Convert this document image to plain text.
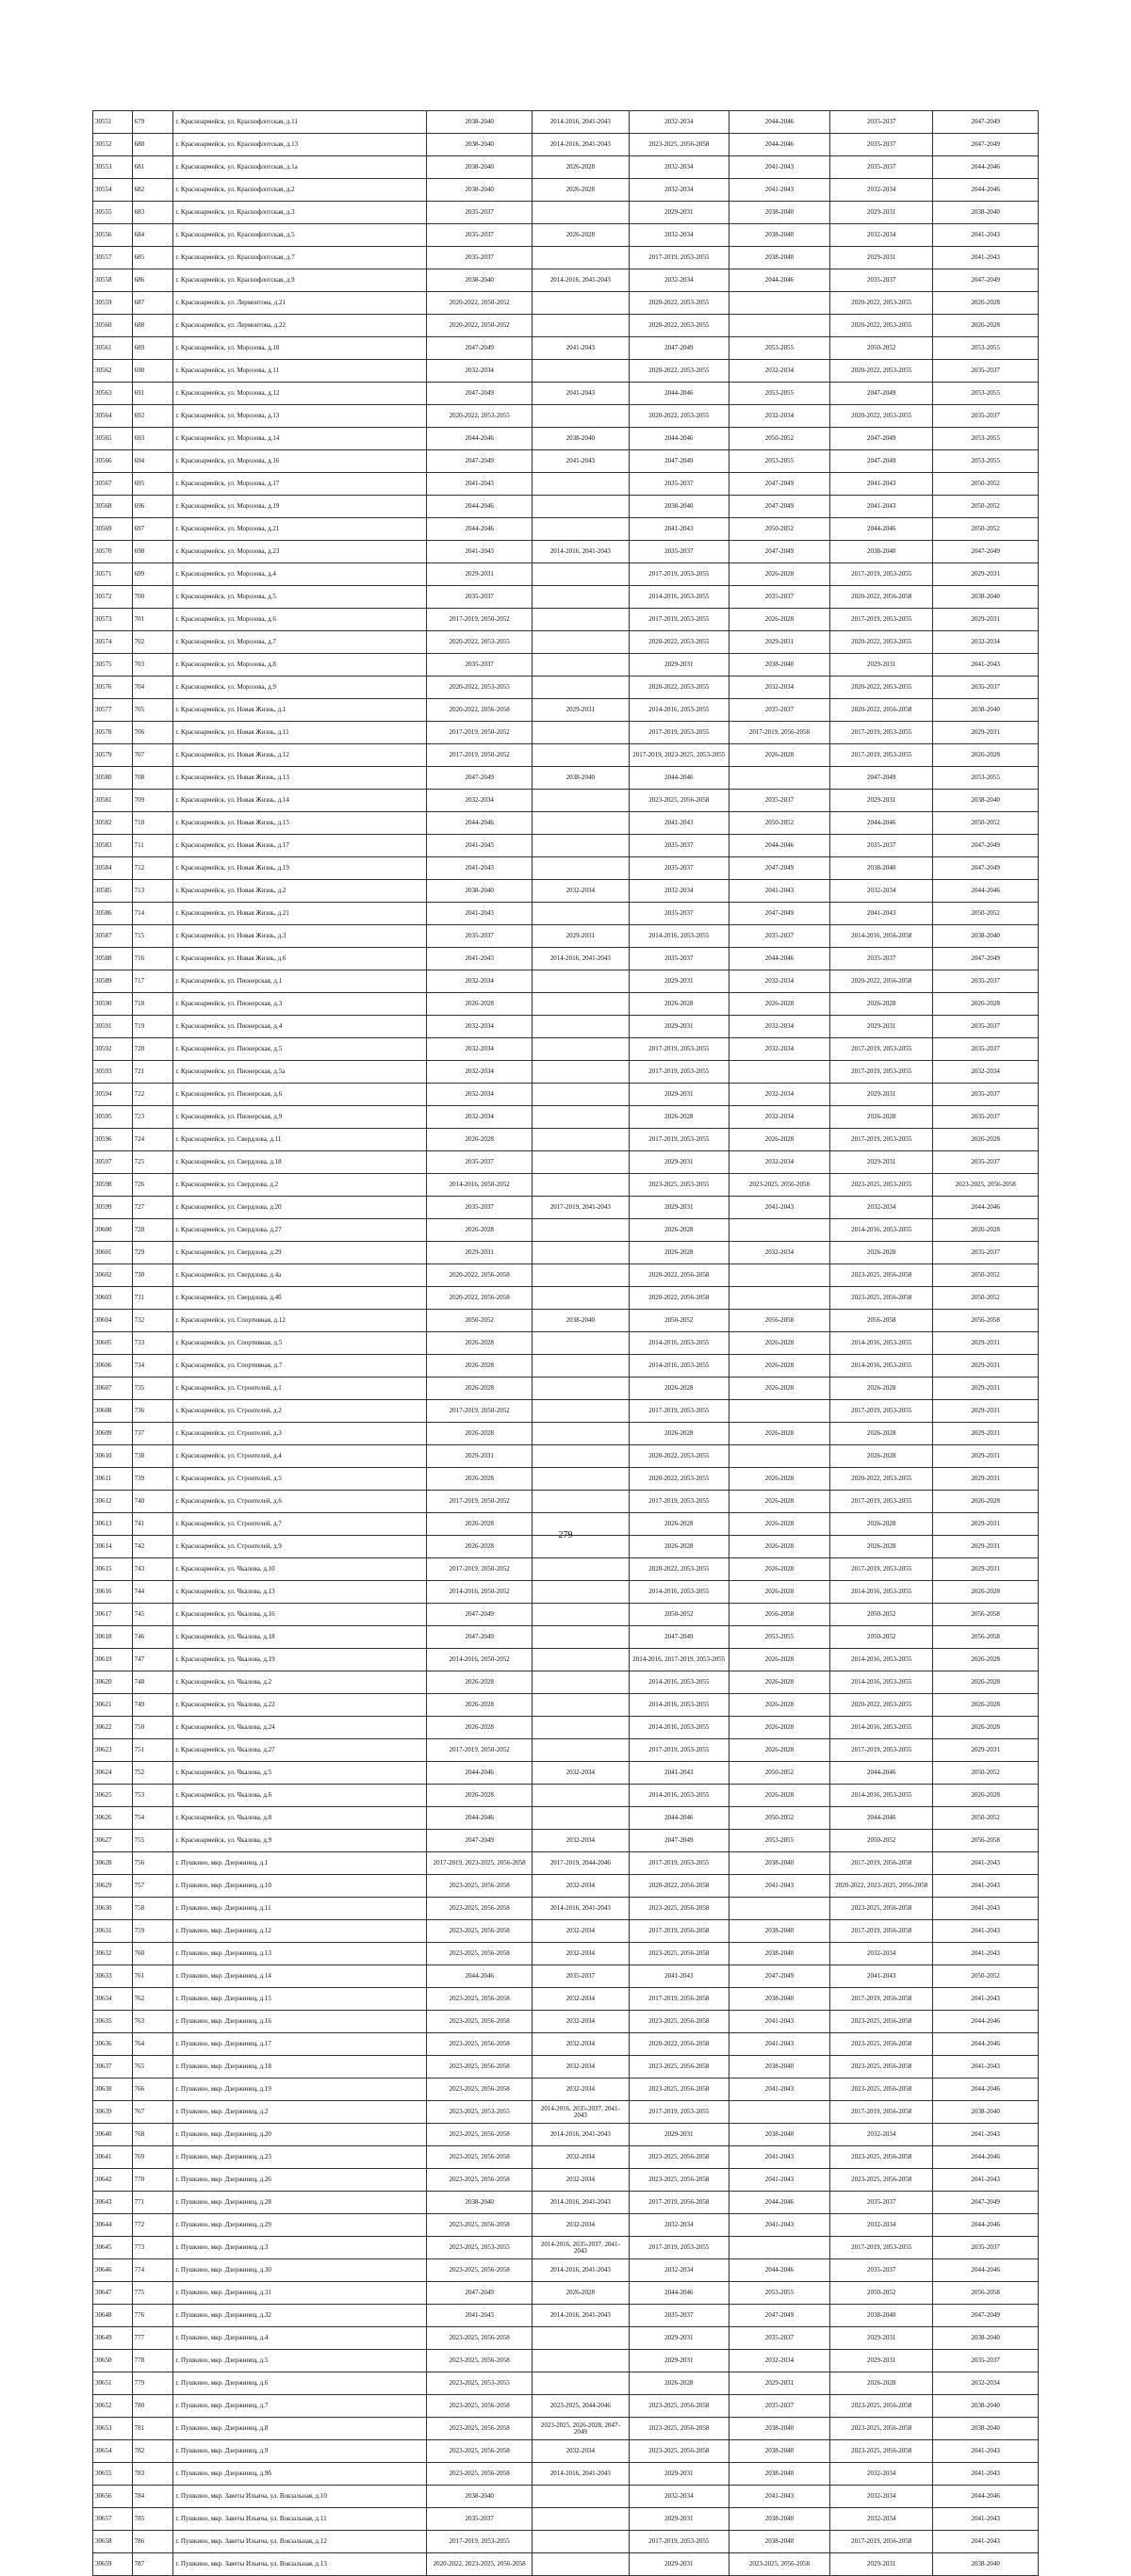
30551	679	г. Красноармейск, ул. Краснофлотская, д.11	2038-2040	2014-2016, 2041-2043	2032-2034	2044-2046	2035-2037	2047-2049
30552	680	г. Красноармейск, ул. Краснофлотская, д.13	2038-2040	2014-2016, 2041-2043	2023-2025, 2056-2058	2044-2046	2035-2037	2047-2049
30553	681	г. Красноармейск, ул. Краснофлотская, д.1а	2038-2040	2026-2028	2032-2034	2041-2043	2035-2037	2044-2046
30554	682	г. Красноармейск, ул. Краснофлотская, д.2	2038-2040	2026-2028	2032-2034	2041-2043	2032-2034	2044-2046
30555	683	г. Красноармейск, ул. Краснофлотская, д.3	2035-2037		2029-2031	2038-2040	2029-2031	2038-2040
30556	684	г. Красноармейск, ул. Краснофлотская, д.5	2035-2037	2026-2028	2032-2034	2038-2040	2032-2034	2041-2043
30557	685	г. Красноармейск, ул. Краснофлотская, д.7	2035-2037		2017-2019, 2053-2055	2038-2040	2029-2031	2041-2043
30558	686	г. Красноармейск, ул. Краснофлотская, д.9	2038-2040	2014-2016, 2041-2043	2032-2034	2044-2046	2035-2037	2047-2049
30559	687	г. Красноармейск, ул. Лермонтова, д.21	2020-2022, 2050-2052		2020-2022, 2053-2055		2020-2022, 2053-2055	2026-2028
30560	688	г. Красноармейск, ул. Лермонтова, д.22	2020-2022, 2050-2052		2020-2022, 2053-2055		2020-2022, 2053-2055	2026-2028
30561	689	г. Красноармейск, ул. Морозова, д.10	2047-2049	2041-2043	2047-2049	2053-2055	2050-2052	2053-2055
30562	690	г. Красноармейск, ул. Морозова, д.11	2032-2034		2020-2022, 2053-2055	2032-2034	2020-2022, 2053-2055	2035-2037
30563	691	г. Красноармейск, ул. Морозова, д.12	2047-2049	2041-2043	2044-2046	2053-2055	2047-2049	2053-2055
30564	692	г. Красноармейск, ул. Морозова, д.13	2020-2022, 2053-2055		2020-2022, 2053-2055	2032-2034	2020-2022, 2053-2055	2035-2037
30565	693	г. Красноармейск, ул. Морозова, д.14	2044-2046	2038-2040	2044-2046	2050-2052	2047-2049	2053-2055
30566	694	г. Красноармейск, ул. Морозова, д.16	2047-2049	2041-2043	2047-2049	2053-2055	2047-2049	2053-2055
30567	695	г. Красноармейск, ул. Морозова, д.17	2041-2043		2035-2037	2047-2049	2041-2043	2050-2052
30568	696	г. Красноармейск, ул. Морозова, д.19	2044-2046		2038-2040	2047-2049	2041-2043	2050-2052
30569	697	г. Красноармейск, ул. Морозова, д.21	2044-2046		2041-2043	2050-2052	2044-2046	2050-2052
30570	698	г. Красноармейск, ул. Морозова, д.23	2041-2043	2014-2016, 2041-2043	2035-2037	2047-2049	2038-2040	2047-2049
30571	699	г. Красноармейск, ул. Морозова, д.4	2029-2031		2017-2019, 2053-2055	2026-2028	2017-2019, 2053-2055	2029-2031
30572	700	г. Красноармейск, ул. Морозова, д.5	2035-2037		2014-2016, 2053-2055	2035-2037	2020-2022, 2056-2058	2038-2040
30573	701	г. Красноармейск, ул. Морозова, д.6	2017-2019, 2050-2052		2017-2019, 2053-2055	2026-2028	2017-2019, 2053-2055	2029-2031
30574	702	г. Красноармейск, ул. Морозова, д.7	2020-2022, 2053-2055		2020-2022, 2053-2055	2029-2031	2020-2022, 2053-2055	2032-2034
30575	703	г. Красноармейск, ул. Морозова, д.8	2035-2037		2029-2031	2038-2040	2029-2031	2041-2043
30576	704	г. Красноармейск, ул. Морозова, д.9	2020-2022, 2053-2055		2020-2022, 2053-2055	2032-2034	2020-2022, 2053-2055	2035-2037
30577	705	г. Красноармейск, ул. Новая Жизнь, д.1	2020-2022, 2056-2058	2029-2031	2014-2016, 2053-2055	2035-2037	2020-2022, 2056-2058	2038-2040
30578	706	г. Красноармейск, ул. Новая Жизнь, д.11	2017-2019, 2050-2052		2017-2019, 2053-2055	2017-2019, 2056-2058	2017-2019, 2053-2055	2029-2031
30579	707	г. Красноармейск, ул. Новая Жизнь, д.12	2017-2019, 2050-2052		2017-2019, 2023-2025, 2053-2055	2026-2028	2017-2019, 2053-2055	2026-2028
30580	708	г. Красноармейск, ул. Новая Жизнь, д.13	2047-2049	2038-2040	2044-2046		2047-2049	2053-2055
30581	709	г. Красноармейск, ул. Новая Жизнь, д.14	2032-2034		2023-2025, 2056-2058	2035-2037	2029-2031	2038-2040
30582	710	г. Красноармейск, ул. Новая Жизнь, д.15	2044-2046		2041-2043	2050-2052	2044-2046	2050-2052
30583	711	г. Красноармейск, ул. Новая Жизнь, д.17	2041-2043		2035-2037	2044-2046	2035-2037	2047-2049
30584	712	г. Красноармейск, ул. Новая Жизнь, д.19	2041-2043		2035-2037	2047-2049	2038-2040	2047-2049
30585	713	г. Красноармейск, ул. Новая Жизнь, д.2	2038-2040	2032-2034	2032-2034	2041-2043	2032-2034	2044-2046
30586	714	г. Красноармейск, ул. Новая Жизнь, д.21	2041-2043		2035-2037	2047-2049	2041-2043	2050-2052
30587	715	г. Красноармейск, ул. Новая Жизнь, д.3	2035-2037	2029-2031	2014-2016, 2053-2055	2035-2037	2014-2016, 2056-2058	2038-2040
30588	716	г. Красноармейск, ул. Новая Жизнь, д.6	2041-2043	2014-2016, 2041-2043	2035-2037	2044-2046	2035-2037	2047-2049
30589	717	г. Красноармейск, ул. Пионерская, д.1	2032-2034		2029-2031	2032-2034	2020-2022, 2056-2058	2035-2037
30590	718	г. Красноармейск, ул. Пионерская, д.3	2026-2028		2026-2028	2026-2028	2026-2028	2026-2028
30591	719	г. Красноармейск, ул. Пионерская, д.4	2032-2034		2029-2031	2032-2034	2029-2031	2035-2037
30592	720	г. Красноармейск, ул. Пионерская, д.5	2032-2034		2017-2019, 2053-2055	2032-2034	2017-2019, 2053-2055	2035-2037
30593	721	г. Красноармейск, ул. Пионерская, д.5а	2032-2034		2017-2019, 2053-2055		2017-2019, 2053-2055	2032-2034
30594	722	г. Красноармейск, ул. Пионерская, д.6	2032-2034		2029-2031	2032-2034	2029-2031	2035-2037
30595	723	г. Красноармейск, ул. Пионерская, д.9	2032-2034		2026-2028	2032-2034	2026-2028	2035-2037
30596	724	г. Красноармейск, ул. Свердлова, д.11	2026-2028		2017-2019, 2053-2055	2026-2028	2017-2019, 2053-2055	2026-2028
30597	725	г. Красноармейск, ул. Свердлова, д.18	2035-2037		2029-2031	2032-2034	2029-2031	2035-2037
30598	726	г. Красноармейск, ул. Свердлова, д.2	2014-2016, 2050-2052		2023-2025, 2053-2055	2023-2025, 2056-2058	2023-2025, 2053-2055	2023-2025, 2056-2058
30599	727	г. Красноармейск, ул. Свердлова, д.20	2035-2037	2017-2019, 2041-2043	2029-2031	2041-2043	2032-2034	2044-2046
30600	728	г. Красноармейск, ул. Свердлова, д.27	2026-2028		2026-2028		2014-2016, 2053-2055	2026-2028
30601	729	г. Красноармейск, ул. Свердлова, д.29	2029-2031		2026-2028	2032-2034	2026-2028	2035-2037
30602	730	г. Красноармейск, ул. Свердлова, д.4а	2020-2022, 2056-2058		2020-2022, 2056-2058		2023-2025, 2056-2058	2050-2052
30603	731	г. Красноармейск, ул. Свердлова, д.4б	2020-2022, 2056-2058		2020-2022, 2056-2058		2023-2025, 2056-2058	2050-2052
30604	732	г. Красноармейск, ул. Спортивная, д.12	2050-2052	2038-2040	2050-2052	2056-2058	2056-2058	2056-2058
30605	733	г. Красноармейск, ул. Спортивная, д.5	2026-2028		2014-2016, 2053-2055	2026-2028	2014-2016, 2053-2055	2029-2031
30606	734	г. Красноармейск, ул. Спортивная, д.7	2026-2028		2014-2016, 2053-2055	2026-2028	2014-2016, 2053-2055	2029-2031
30607	735	г. Красноармейск, ул. Строителей, д.1	2026-2028		2026-2028	2026-2028	2026-2028	2029-2031
30608	736	г. Красноармейск, ул. Строителей, д.2	2017-2019, 2050-2052		2017-2019, 2053-2055		2017-2019, 2053-2055	2029-2031
30609	737	г. Красноармейск, ул. Строителей, д.3	2026-2028		2026-2028	2026-2028	2026-2028	2029-2031
30610	738	г. Красноармейск, ул. Строителей, д.4	2029-2031		2020-2022, 2053-2055		2026-2028	2029-2031
30611	739	г. Красноармейск, ул. Строителей, д.5	2026-2028		2020-2022, 2053-2055	2026-2028	2020-2022, 2053-2055	2029-2031
30612	740	г. Красноармейск, ул. Строителей, д.6	2017-2019, 2050-2052		2017-2019, 2053-2055	2026-2028	2017-2019, 2053-2055	2026-2028
30613	741	г. Красноармейск, ул. Строителей, д.7	2026-2028		2026-2028	2026-2028	2026-2028	2029-2031
30614	742	г. Красноармейск, ул. Строителей, д.9	2026-2028		2026-2028	2026-2028	2026-2028	2029-2031
30615	743	г. Красноармейск, ул. Чкалова, д.10	2017-2019, 2050-2052		2020-2022, 2053-2055	2026-2028	2017-2019, 2053-2055	2029-2031
30616	744	г. Красноармейск, ул. Чкалова, д.13	2014-2016, 2050-2052		2014-2016, 2053-2055	2026-2028	2014-2016, 2053-2055	2026-2028
30617	745	г. Красноармейск, ул. Чкалова, д.16	2047-2049		2050-2052	2056-2058	2050-2052	2056-2058
30618	746	г. Красноармейск, ул. Чкалова, д.18	2047-2049		2047-2049	2053-2055	2050-2052	2056-2058
30619	747	г. Красноармейск, ул. Чкалова, д.19	2014-2016, 2050-2052		2014-2016, 2017-2019, 2053-2055	2026-2028	2014-2016, 2053-2055	2026-2028
30620	748	г. Красноармейск, ул. Чкалова, д.2	2026-2028		2014-2016, 2053-2055	2026-2028	2014-2016, 2053-2055	2026-2028
30621	749	г. Красноармейск, ул. Чкалова, д.22	2026-2028		2014-2016, 2053-2055	2026-2028	2020-2022, 2053-2055	2026-2028
30622	750	г. Красноармейск, ул. Чкалова, д.24	2026-2028		2014-2016, 2053-2055	2026-2028	2014-2016, 2053-2055	2026-2028
30623	751	г. Красноармейск, ул. Чкалова, д.27	2017-2019, 2050-2052		2017-2019, 2053-2055	2026-2028	2017-2019, 2053-2055	2029-2031
30624	752	г. Красноармейск, ул. Чкалова, д.5	2044-2046	2032-2034	2041-2043	2050-2052	2044-2046	2050-2052
30625	753	г. Красноармейск, ул. Чкалова, д.6	2026-2028		2014-2016, 2053-2055	2026-2028	2014-2016, 2053-2055	2026-2028
30626	754	г. Красноармейск, ул. Чкалова, д.8	2044-2046		2044-2046	2050-2052	2044-2046	2050-2052
30627	755	г. Красноармейск, ул. Чкалова, д.9	2047-2049	2032-2034	2047-2049	2053-2055	2050-2052	2056-2058
30628	756	г. Пушкино, мкр. Дзержинец, д.1	2017-2019, 2023-2025, 2056-2058	2017-2019, 2044-2046	2017-2019, 2053-2055	2038-2040	2017-2019, 2056-2058	2041-2043
30629	757	г. Пушкино, мкр. Дзержинец, д.10	2023-2025, 2056-2058	2032-2034	2020-2022, 2056-2058	2041-2043	2020-2022, 2023-2025, 2056-2058	2041-2043
30630	758	г. Пушкино, мкр. Дзержинец, д.11	2023-2025, 2056-2058	2014-2016, 2041-2043	2023-2025, 2056-2058		2023-2025, 2056-2058	2041-2043
30631	759	г. Пушкино, мкр. Дзержинец, д.12	2023-2025, 2056-2058	2032-2034	2017-2019, 2056-2058	2038-2040	2017-2019, 2056-2058	2041-2043
30632	760	г. Пушкино, мкр. Дзержинец, д.13	2023-2025, 2056-2058	2032-2034	2023-2025, 2056-2058	2038-2040	2032-2034	2041-2043
30633	761	г. Пушкино, мкр. Дзержинец, д.14	2044-2046	2035-2037	2041-2043	2047-2049	2041-2043	2050-2052
30634	762	г. Пушкино, мкр. Дзержинец, д.15	2023-2025, 2056-2058	2032-2034	2017-2019, 2056-2058	2038-2040	2017-2019, 2056-2058	2041-2043
30635	763	г. Пушкино, мкр. Дзержинец, д.16	2023-2025, 2056-2058	2032-2034	2023-2025, 2056-2058	2041-2043	2023-2025, 2056-2058	2044-2046
30636	764	г. Пушкино, мкр. Дзержинец, д.17	2023-2025, 2056-2058	2032-2034	2020-2022, 2056-2058	2041-2043	2023-2025, 2056-2058	2044-2046
30637	765	г. Пушкино, мкр. Дзержинец, д.18	2023-2025, 2056-2058	2032-2034	2023-2025, 2056-2058	2038-2040	2023-2025, 2056-2058	2041-2043
30638	766	г. Пушкино, мкр. Дзержинец, д.19	2023-2025, 2056-2058	2032-2034	2023-2025, 2056-2058	2041-2043	2023-2025, 2056-2058	2044-2046
30639	767	г. Пушкино, мкр. Дзержинец, д.2	2023-2025, 2053-2055	2014-2016, 2035-2037, 2041-2043	2017-2019, 2053-2055		2017-2019, 2056-2058	2038-2040
30640	768	г. Пушкино, мкр. Дзержинец, д.20	2023-2025, 2056-2058	2014-2016, 2041-2043	2029-2031	2038-2040	2032-2034	2041-2043
30641	769	г. Пушкино, мкр. Дзержинец, д.23	2023-2025, 2056-2058	2032-2034	2023-2025, 2056-2058	2041-2043	2023-2025, 2056-2058	2044-2046
30642	770	г. Пушкино, мкр. Дзержинец, д.26	2023-2025, 2056-2058	2032-2034	2023-2025, 2056-2058	2041-2043	2023-2025, 2056-2058	2041-2043
30643	771	г. Пушкино, мкр. Дзержинец, д.28	2038-2040	2014-2016, 2041-2043	2017-2019, 2056-2058	2044-2046	2035-2037	2047-2049
30644	772	г. Пушкино, мкр. Дзержинец, д.29	2023-2025, 2056-2058	2032-2034	2032-2034	2041-2043	2032-2034	2044-2046
30645	773	г. Пушкино, мкр. Дзержинец, д.3	2023-2025, 2053-2055	2014-2016, 2035-2037, 2041-2043	2017-2019, 2053-2055		2017-2019, 2053-2055	2035-2037
30646	774	г. Пушкино, мкр. Дзержинец, д.30	2023-2025, 2056-2058	2014-2016, 2041-2043	2032-2034	2044-2046	2035-2037	2044-2046
30647	775	г. Пушкино, мкр. Дзержинец, д.31	2047-2049	2026-2028	2044-2046	2053-2055	2050-2052	2056-2058
30648	776	г. Пушкино, мкр. Дзержинец, д.32	2041-2043	2014-2016, 2041-2043	2035-2037	2047-2049	2038-2040	2047-2049
30649	777	г. Пушкино, мкр. Дзержинец, д.4	2023-2025, 2056-2058		2029-2031	2035-2037	2029-2031	2038-2040
30650	778	г. Пушкино, мкр. Дзержинец, д.5	2023-2025, 2056-2058		2029-2031	2032-2034	2029-2031	2035-2037
30651	779	г. Пушкино, мкр. Дзержинец, д.6	2023-2025, 2053-2055		2026-2028	2029-2031	2026-2028	2032-2034
30652	780	г. Пушкино, мкр. Дзержинец, д.7	2023-2025, 2056-2058	2023-2025, 2044-2046	2023-2025, 2056-2058	2035-2037	2023-2025, 2056-2058	2038-2040
30653	781	г. Пушкино, мкр. Дзержинец, д.8	2023-2025, 2056-2058	2023-2025, 2026-2028, 2047-2049	2023-2025, 2056-2058	2038-2040	2023-2025, 2056-2058	2038-2040
30654	782	г. Пушкино, мкр. Дзержинец, д.9	2023-2025, 2056-2058	2032-2034	2023-2025, 2056-2058	2038-2040	2023-2025, 2056-2058	2041-2043
30655	783	г. Пушкино, мкр. Дзержинец, д.9б	2023-2025, 2056-2058	2014-2016, 2041-2043	2029-2031	2038-2040	2032-2034	2041-2043
30656	784	г. Пушкино, мкр. Заветы Ильича, ул. Вокзальная, д.10	2038-2040		2032-2034	2041-2043	2032-2034	2044-2046
30657	785	г. Пушкино, мкр. Заветы Ильича, ул. Вокзальная, д.11	2035-2037		2029-2031	2038-2040	2032-2034	2041-2043
30658	786	г. Пушкино, мкр. Заветы Ильича, ул. Вокзальная, д.12	2017-2019, 2053-2055		2017-2019, 2053-2055	2038-2040	2017-2019, 2056-2058	2041-2043
30659	787	г. Пушкино, мкр. Заветы Ильича, ул. Вокзальная, д.13	2020-2022, 2023-2025, 2056-2058		2029-2031	2023-2025, 2056-2058	2029-2031	2038-2040
279
